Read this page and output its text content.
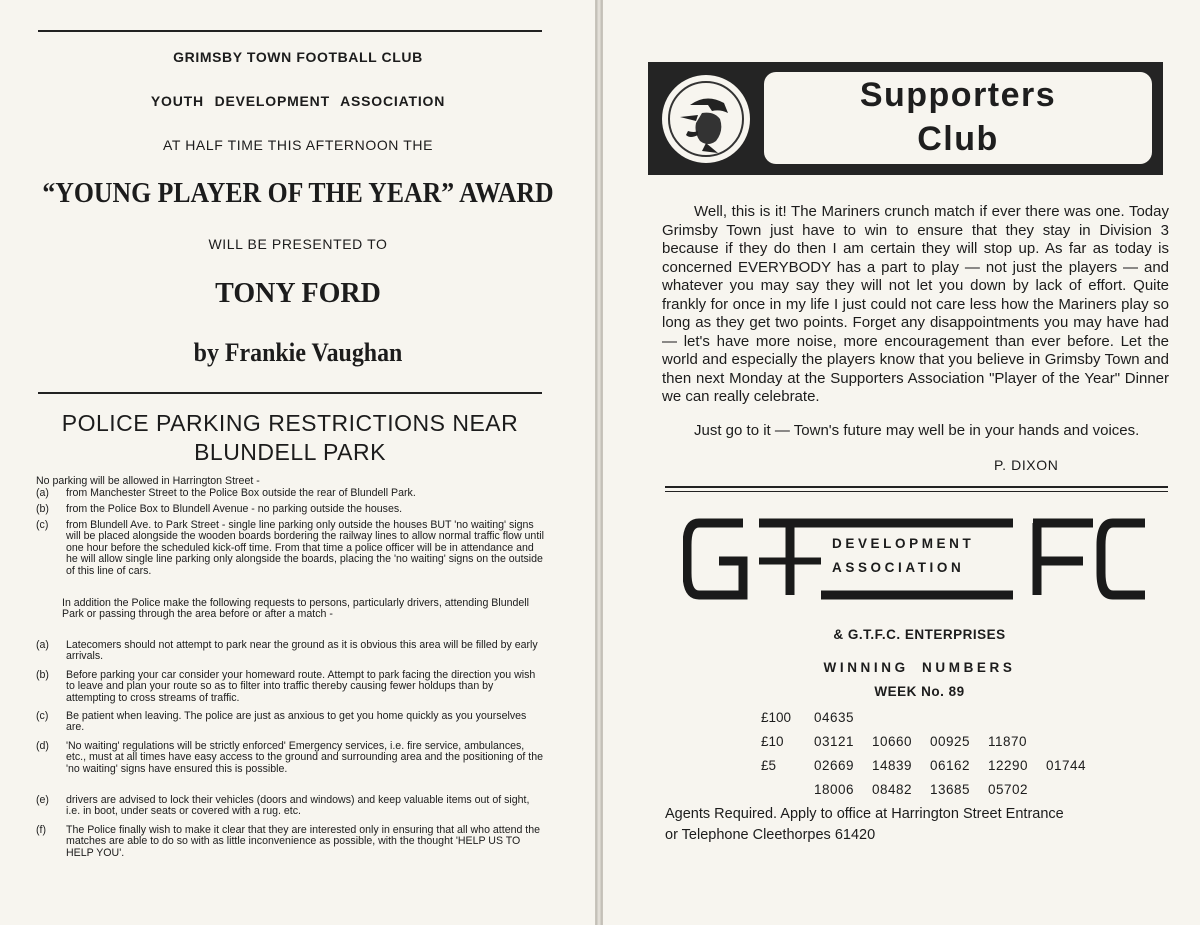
GRIMSBY TOWN FOOTBALL CLUB
YOUTH DEVELOPMENT ASSOCIATION
AT HALF TIME THIS AFTERNOON THE
“YOUNG PLAYER OF THE YEAR” AWARD
WILL BE PRESENTED TO
TONY FORD
by Frankie Vaughan
POLICE PARKING RESTRICTIONS NEAR
BLUNDELL PARK
No parking will be allowed in Harrington Street -
(a) from Manchester Street to the Police Box outside the rear of Blundell Park.
(b) from the Police Box to Blundell Avenue - no parking outside the houses.
(c) from Blundell Ave. to Park Street - single line parking only outside the houses BUT 'no waiting' signs will be placed alongside the wooden boards bordering the railway lines to allow normal traffic flow until one hour before the scheduled kick-off time. From that time a police officer will be in attendance and he will allow single line parking only alongside the boards, placing the 'no waiting' signs on the outside of this line of cars.
In addition the Police make the following requests to persons, particularly drivers, attending Blundell Park or passing through the area before or after a match -
(a) Latecomers should not attempt to park near the ground as it is obvious this area will be filled by early arrivals.
(b) Before parking your car consider your homeward route. Attempt to park facing the direction you wish to leave and plan your route so as to filter into traffic thereby causing fewer holdups than by attempting to cross streams of traffic.
(c) Be patient when leaving. The police are just as anxious to get you home quickly as you yourselves are.
(d) 'No waiting' regulations will be strictly enforced' Emergency services, i.e. fire service, ambulances, etc., must at all times have easy access to the ground and surrounding area and the positioning of the 'no waiting' signs have ensured this is possible.
(e) drivers are advised to lock their vehicles (doors and windows) and keep valuable items out of sight, i.e. in boot, under seats or covered with a rug. etc.
(f) The Police finally wish to make it clear that they are interested only in ensuring that all who attend the matches are able to do so with as little inconvenience as possible, with the thought 'HELP US TO HELP YOU'.
Supporters
Club
Well, this is it! The Mariners crunch match if ever there was one. Today Grimsby Town just have to win to ensure that they stay in Division 3 because if they do then I am certain they will stop up. As far as today is concerned EVERYBODY has a part to play — not just the players — and whatever you may say they will not let you down by lack of effort. Quite frankly for once in my life I just could not care less how the Mariners play so long as they get two points. Forget any disappointments you may have had — let's have more noise, more encouragement than ever before. Let the world and especially the players know that you believe in Grimsby Town and then next Monday at the Supporters Association "Player of the Year" Dinner we can really celebrate.
Just go to it — Town's future may well be in your hands and voices.
P. DIXON
DEVELOPMENT
ASSOCIATION
& G.T.F.C. ENTERPRISES
WINNING NUMBERS
WEEK No. 89
£100 04635
£10 03121 10660 00925 11870
£5	02669 14839 06162 12290 01744
18006 08482 13685 05702
Agents Required. Apply to office at Harrington Street Entrance
or Telephone Cleethorpes 61420
